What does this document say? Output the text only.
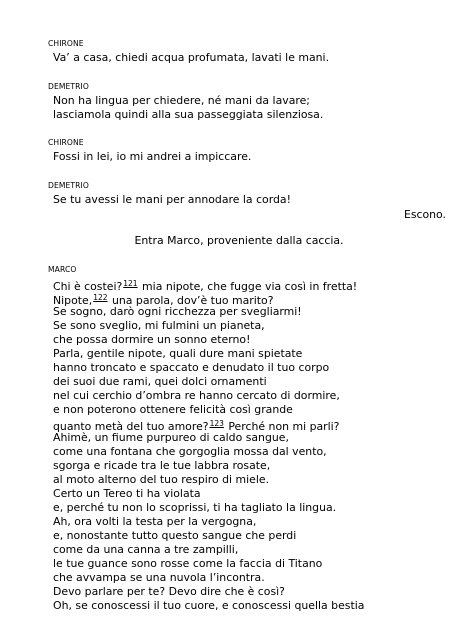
CHIRONE
Va’ a casa, chiedi acqua profumata, lavati le mani.
DEMETRIO
Non ha lingua per chiedere, né mani da lavare;
lasciamola quindi alla sua passeggiata silenziosa.
CHIRONE
Fossi in lei, io mi andrei a impiccare.
DEMETRIO
Se tu avessi le mani per annodare la corda!
Escono.
Entra Marco, proveniente dalla caccia.
MARCO
Chi è costei?$^{121}$ mia nipote, che fugge via così in fretta!
Nipote,$^{122}$ una parola, dov’è tuo marito?
Se sogno, darò ogni ricchezza per svegliarmi!
Se sono sveglio, mi fulmini un pianeta,
che possa dormire un sonno eterno!
Parla, gentile nipote, quali dure mani spietate
hanno troncato e spaccato e denudato il tuo corpo
dei suoi due rami, quei dolci ornamenti
nel cui cerchio d’ombra re hanno cercato di dormire,
e non poterono ottenere felicità così grande
quanto metà del tuo amore?$^{123}$ Perché non mi parli?
Ahimè, un fiume purpureo di caldo sangue,
come una fontana che gorgoglia mossa dal vento,
sgorga e ricade tra le tue labbra rosate,
al moto alterno del tuo respiro di miele.
Certo un Tereo ti ha violata
e, perché tu non lo scoprissi, ti ha tagliato la lingua.
Ah, ora volti la testa per la vergogna,
e, nonostante tutto questo sangue che perdi
come da una canna a tre zampilli,
le tue guance sono rosse come la faccia di Titano
che avvampa se una nuvola l’incontra.
Devo parlare per te? Devo dire che è così?
Oh, se conoscessi il tuo cuore, e conoscessi quella bestia
